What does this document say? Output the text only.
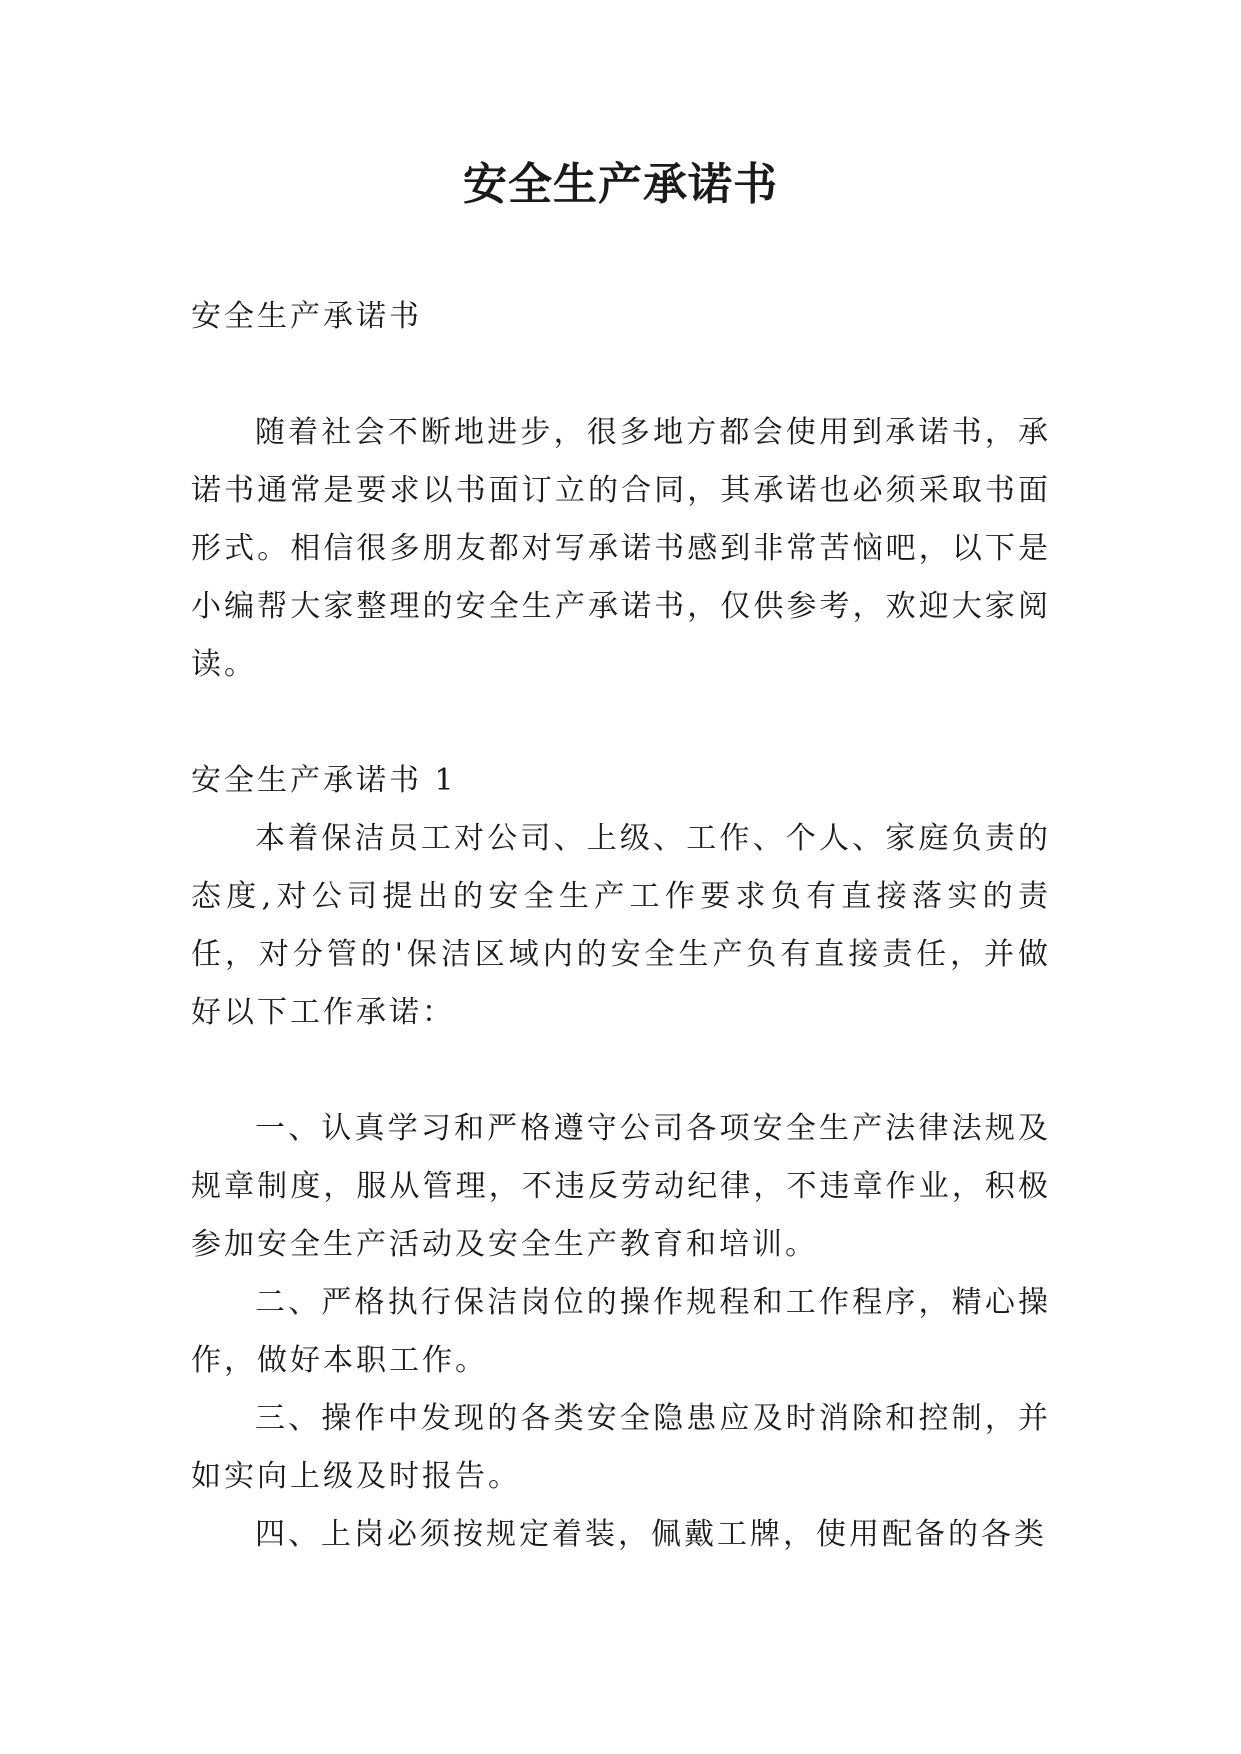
安全生产承诺书

安全生产承诺书

随着社会不断地进步，很多地方都会使用到承诺书，承诺书通常是要求以书面订立的合同，其承诺也必须采取书面形式。相信很多朋友都对写承诺书感到非常苦恼吧，以下是小编帮大家整理的安全生产承诺书，仅供参考，欢迎大家阅读。

安全生产承诺书 1

本着保洁员工对公司、上级、工作、个人、家庭负责的态度,对公司提出的安全生产工作要求负有直接落实的责任，对分管的'保洁区域内的安全生产负有直接责任，并做好以下工作承诺：

一、认真学习和严格遵守公司各项安全生产法律法规及规章制度，服从管理，不违反劳动纪律，不违章作业，积极参加安全生产活动及安全生产教育和培训。

二、严格执行保洁岗位的操作规程和工作程序，精心操作，做好本职工作。

三、操作中发现的各类安全隐患应及时消除和控制，并如实向上级及时报告。

四、上岗必须按规定着装，佩戴工牌，使用配备的各类
